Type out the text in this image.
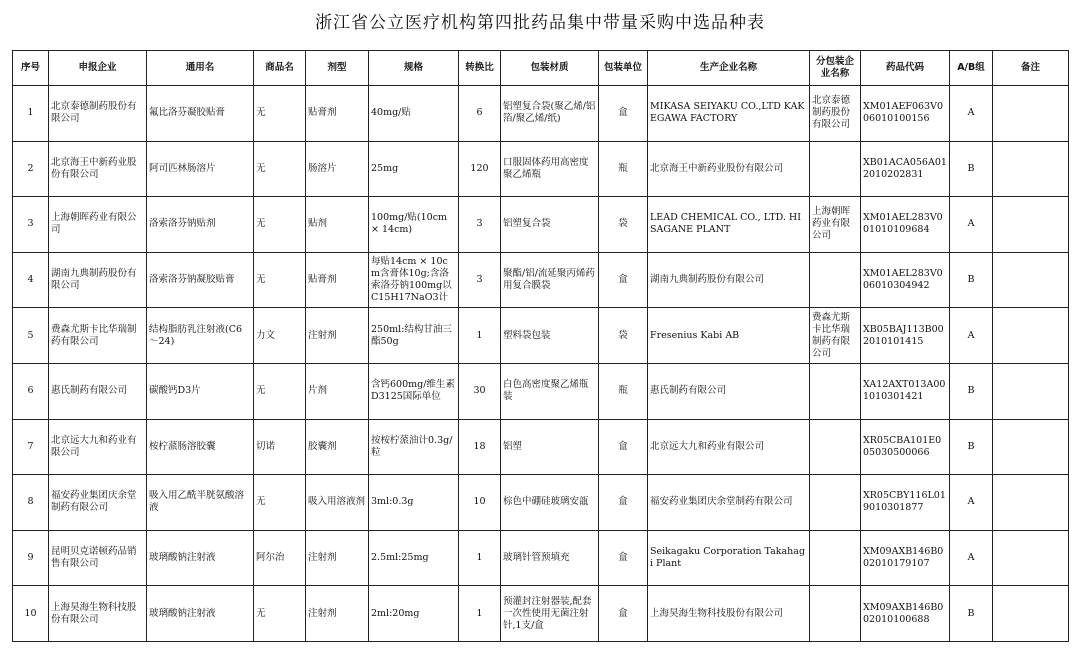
浙江省公立医疗机构第四批药品集中带量采购中选品种表
序号	申报企业	通用名	商品名	剂型	规格	转换比	包装材质	包装单位	生产企业名称	分包装企业名称	药品代码	A/B组	备注
1	北京泰德制药股份有限公司	氟比洛芬凝胶贴膏	无	贴膏剂	40mg/贴	6	铝塑复合袋(聚乙烯/铝箔/聚乙烯/纸)	盒	MIKASA SEIYAKU CO.,LTD KAKEGAWA FACTORY	北京泰德制药股份有限公司	XM01AEF063V006010100156	A	
2	北京海王中新药业股份有限公司	阿司匹林肠溶片	无	肠溶片	25mg	120	口服固体药用高密度聚乙烯瓶	瓶	北京海王中新药业股份有限公司		XB01ACA056A012010202831	B	
3	上海朝晖药业有限公司	洛索洛芬钠贴剂	无	贴剂	100mg/贴(10cm × 14cm)	3	铝塑复合袋	袋	LEAD CHEMICAL CO., LTD. HISAGANE PLANT	上海朝晖药业有限公司	XM01AEL283V001010109684	A	
4	湖南九典制药股份有限公司	洛索洛芬钠凝胶贴膏	无	贴膏剂	每贴14cm × 10cm含膏体10g;含洛索洛芬钠100mg以C15H17NaO3计	3	聚酯/铝/流延聚丙烯药用复合膜袋	盒	湖南九典制药股份有限公司		XM01AEL283V006010304942	B	
5	费森尤斯卡比华瑞制药有限公司	结构脂肪乳注射液(C6～24)	力文	注射剂	250ml:结构甘油三酯50g	1	塑料袋包装	袋	Fresenius Kabi AB	费森尤斯卡比华瑞制药有限公司	XB05BAJ113B002010101415	A	
6	惠氏制药有限公司	碳酸钙D3片	无	片剂	含钙600mg/维生素D3125国际单位	30	白色高密度聚乙烯瓶装	瓶	惠氏制药有限公司		XA12AXT013A001010301421	B	
7	北京远大九和药业有限公司	桉柠蒎肠溶胶囊	切诺	胶囊剂	按桉柠蒎油计0.3g/粒	18	铝塑	盒	北京远大九和药业有限公司		XR05CBA101E005030500066	B	
8	福安药业集团庆余堂制药有限公司	吸入用乙酰半胱氨酸溶液	无	吸入用溶液剂	3ml:0.3g	10	棕色中硼硅玻璃安瓿	盒	福安药业集团庆余堂制药有限公司		XR05CBY116L019010301877	A	
9	昆明贝克诺顿药品销售有限公司	玻璃酸钠注射液	阿尔治	注射剂	2.5ml:25mg	1	玻璃针管预填充	盒	Seikagaku Corporation Takahagi Plant		XM09AXB146B002010179107	A	
10	上海昊海生物科技股份有限公司	玻璃酸钠注射液	无	注射剂	2ml:20mg	1	预灌封注射器装,配套一次性使用无菌注射针,1支/盒	盒	上海昊海生物科技股份有限公司		XM09AXB146B002010100688	B	
